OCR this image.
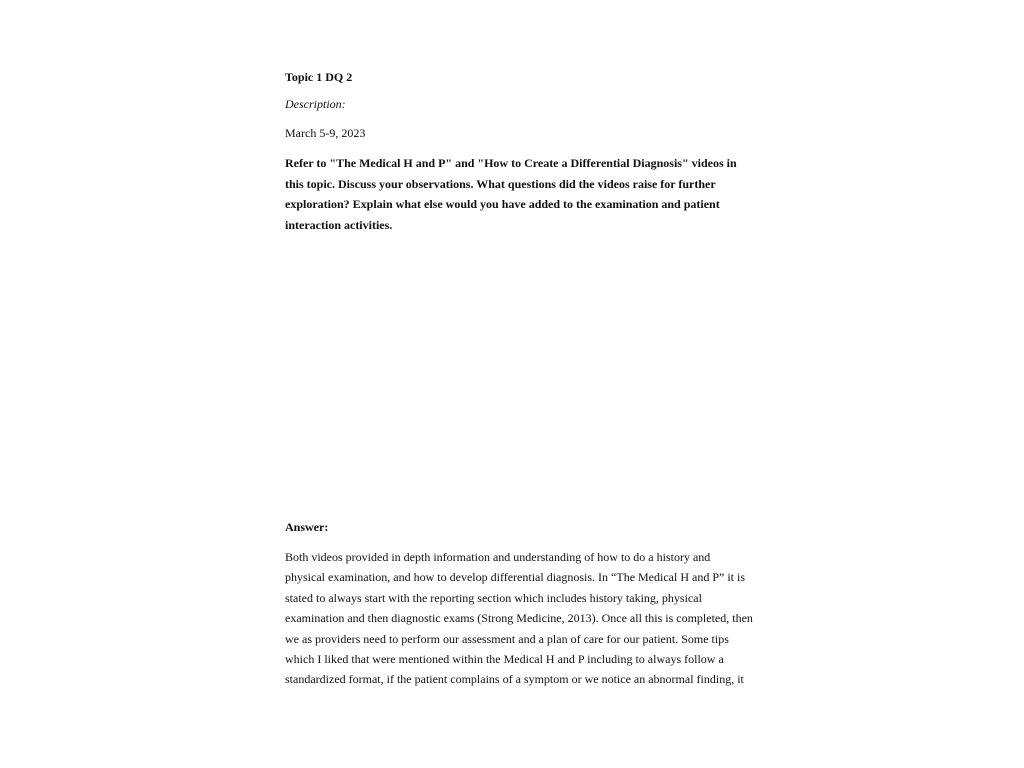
Topic 1 DQ 2
Description:
March 5-9, 2023
Refer to "The Medical H and P" and "How to Create a Differential Diagnosis" videos in
this topic. Discuss your observations. What questions did the videos raise for further
exploration? Explain what else would you have added to the examination and patient
interaction activities.
Answer:
Both videos provided in depth information and understanding of how to do a history and
physical examination, and how to develop differential diagnosis. In “The Medical H and P” it is
stated to always start with the reporting section which includes history taking, physical
examination and then diagnostic exams (Strong Medicine, 2013). Once all this is completed, then
we as providers need to perform our assessment and a plan of care for our patient. Some tips
which I liked that were mentioned within the Medical H and P including to always follow a
standardized format, if the patient complains of a symptom or we notice an abnormal finding, it
